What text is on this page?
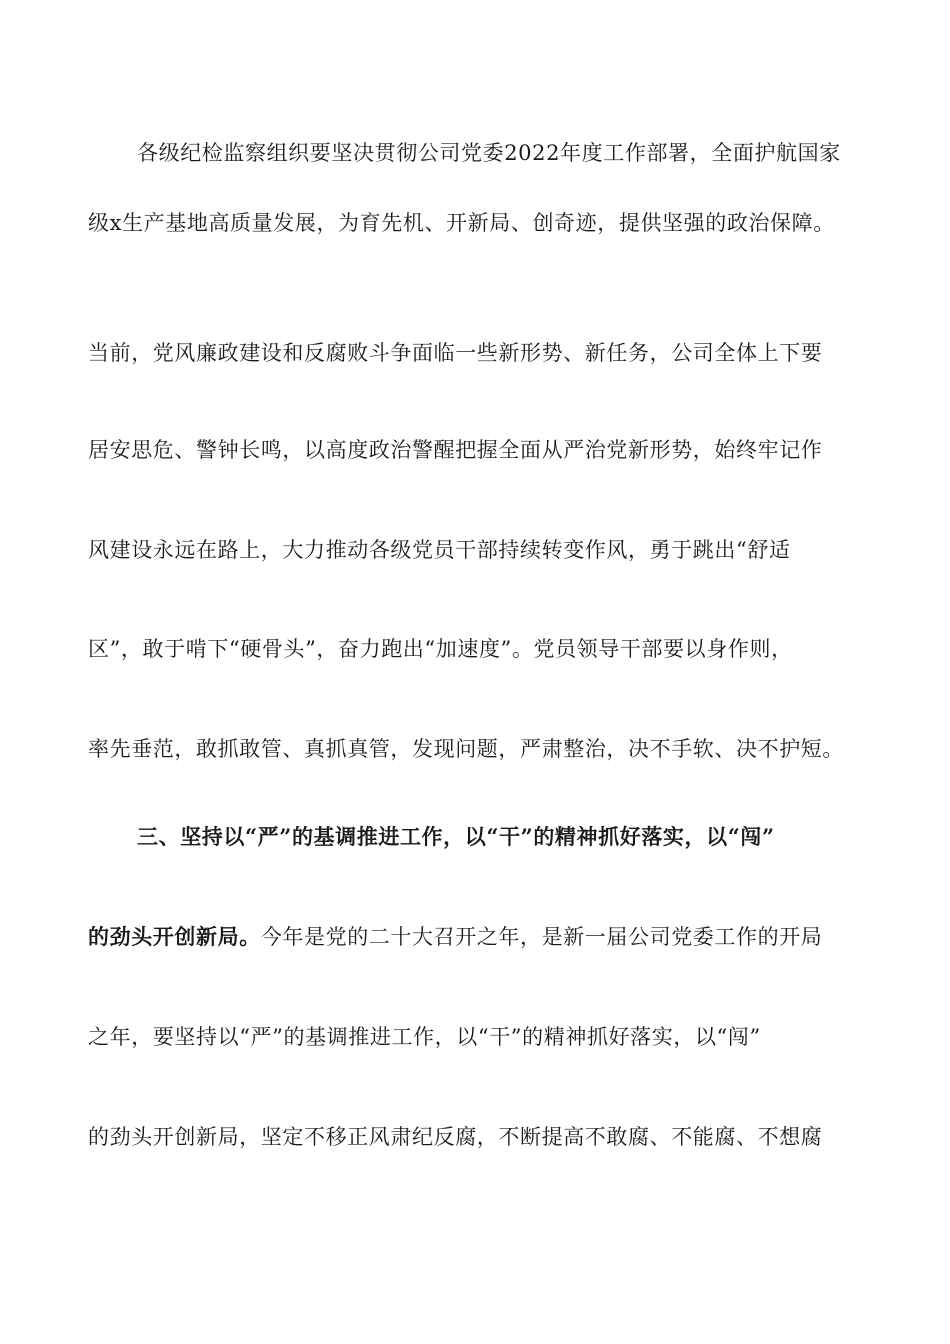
各级纪检监察组织要坚决贯彻公司党委2022年度工作部署，全面护航国家
级x生产基地高质量发展，为育先机、开新局、创奇迹，提供坚强的政治保障。
当前，党风廉政建设和反腐败斗争面临一些新形势、新任务，公司全体上下要
居安思危、警钟长鸣，以高度政治警醒把握全面从严治党新形势，始终牢记作
风建设永远在路上，大力推动各级党员干部持续转变作风，勇于跳出“舒适
区”，敢于啃下“硬骨头”，奋力跑出“加速度”。党员领导干部要以身作则，
率先垂范，敢抓敢管、真抓真管，发现问题，严肃整治，决不手软、决不护短。
三、坚持以“严”的基调推进工作，以“干”的精神抓好落实，以“闯”
的劲头开创新局。今年是党的二十大召开之年，是新一届公司党委工作的开局
之年，要坚持以“严”的基调推进工作，以“干”的精神抓好落实，以“闯”
的劲头开创新局，坚定不移正风肃纪反腐，不断提高不敢腐、不能腐、不想腐
